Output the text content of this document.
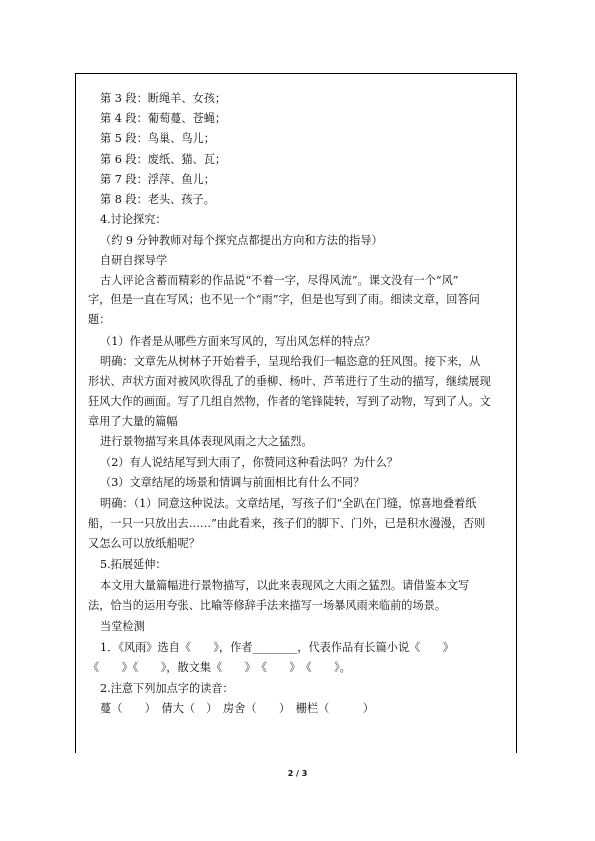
第 3 段：断绳羊、女孩；
第 4 段：葡萄蔓、苍蝇；
第 5 段：鸟巢、鸟儿；
第 6 段：废纸、猫、瓦；
第 7 段：浮萍、鱼儿；
第 8 段：老头、孩子。
4.讨论探究：
（约 9 分钟教师对每个探究点都提出方向和方法的指导）
自研自探导学
古人评论含蓄而精彩的作品说“不着一字，尽得风流”。课文没有一个“风”
字，但是一直在写风；也不见一个“雨”字，但是也写到了雨。细读文章，回答问
题：
（1）作者是从哪些方面来写风的，写出风怎样的特点？
明确：文章先从树林子开始着手，呈现给我们一幅恣意的狂风图。接下来，从
形状、声状方面对被风吹得乱了的垂柳、杨叶、芦苇进行了生动的描写，继续展现
狂风大作的画面。写了几组自然物，作者的笔锋陡转，写到了动物，写到了人。文
章用了大量的篇幅
进行景物描写来具体表现风雨之大之猛烈。
（2）有人说结尾写到大雨了，你赞同这种看法吗？为什么？
（3）文章结尾的场景和情调与前面相比有什么不同？
明确：（1）同意这种说法。文章结尾，写孩子们“全趴在门缝，惊喜地叠着纸
船，一只一只放出去……”由此看来，孩子们的脚下、门外，已是积水漫漫，否则
又怎么可以放纸船呢？
5.拓展延伸：
本文用大量篇幅进行景物描写，以此来表现风之大雨之猛烈。请借鉴本文写
法，恰当的运用夸张、比喻等修辞手法来描写一场暴风雨来临前的场景。
当堂检测
1．《风雨》选自《　　》，作者________，代表作品有长篇小说《　　》
《　　》《　　》，散文集《　　》　《　　》　《　　》。
2.注意下列加点字的读音：
蔓（　　）　倩大（　）　房舍（　　）　栅栏（　　　）
2 / 3
